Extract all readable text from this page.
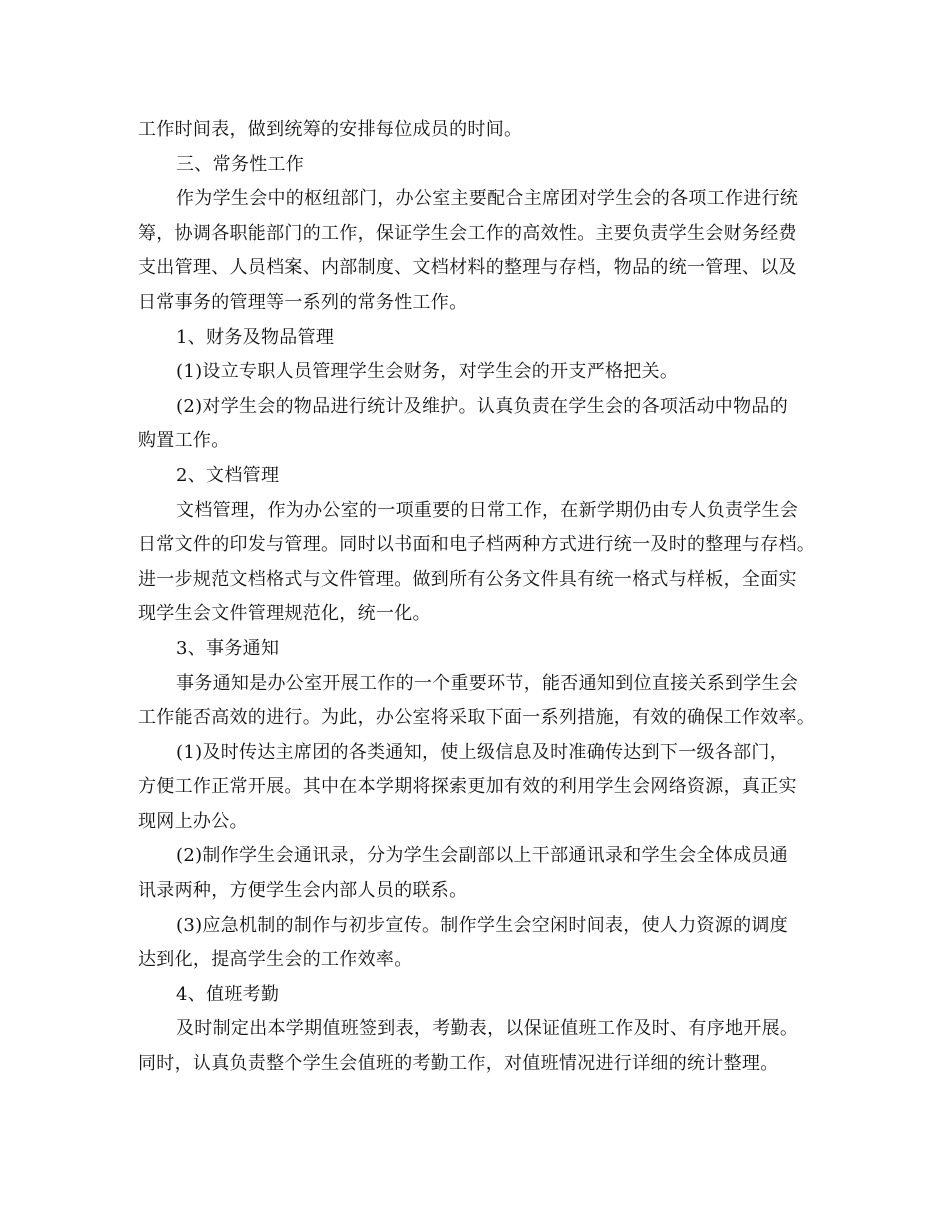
工作时间表，做到统筹的安排每位成员的时间。
三、常务性工作
作为学生会中的枢纽部门，办公室主要配合主席团对学生会的各项工作进行统
筹，协调各职能部门的工作，保证学生会工作的高效性。主要负责学生会财务经费
支出管理、人员档案、内部制度、文档材料的整理与存档，物品的统一管理、以及
日常事务的管理等一系列的常务性工作。
1、财务及物品管理
(1)设立专职人员管理学生会财务，对学生会的开支严格把关。
(2)对学生会的物品进行统计及维护。认真负责在学生会的各项活动中物品的
购置工作。
2、文档管理
文档管理，作为办公室的一项重要的日常工作，在新学期仍由专人负责学生会
日常文件的印发与管理。同时以书面和电子档两种方式进行统一及时的整理与存档。
进一步规范文档格式与文件管理。做到所有公务文件具有统一格式与样板，全面实
现学生会文件管理规范化，统一化。
3、事务通知
事务通知是办公室开展工作的一个重要环节，能否通知到位直接关系到学生会
工作能否高效的进行。为此，办公室将采取下面一系列措施，有效的确保工作效率。
(1)及时传达主席团的各类通知，使上级信息及时准确传达到下一级各部门，
方便工作正常开展。其中在本学期将探索更加有效的利用学生会网络资源，真正实
现网上办公。
(2)制作学生会通讯录，分为学生会副部以上干部通讯录和学生会全体成员通
讯录两种，方便学生会内部人员的联系。
(3)应急机制的制作与初步宣传。制作学生会空闲时间表，使人力资源的调度
达到化，提高学生会的工作效率。
4、值班考勤
及时制定出本学期值班签到表，考勤表，以保证值班工作及时、有序地开展。
同时，认真负责整个学生会值班的考勤工作，对值班情况进行详细的统计整理。
